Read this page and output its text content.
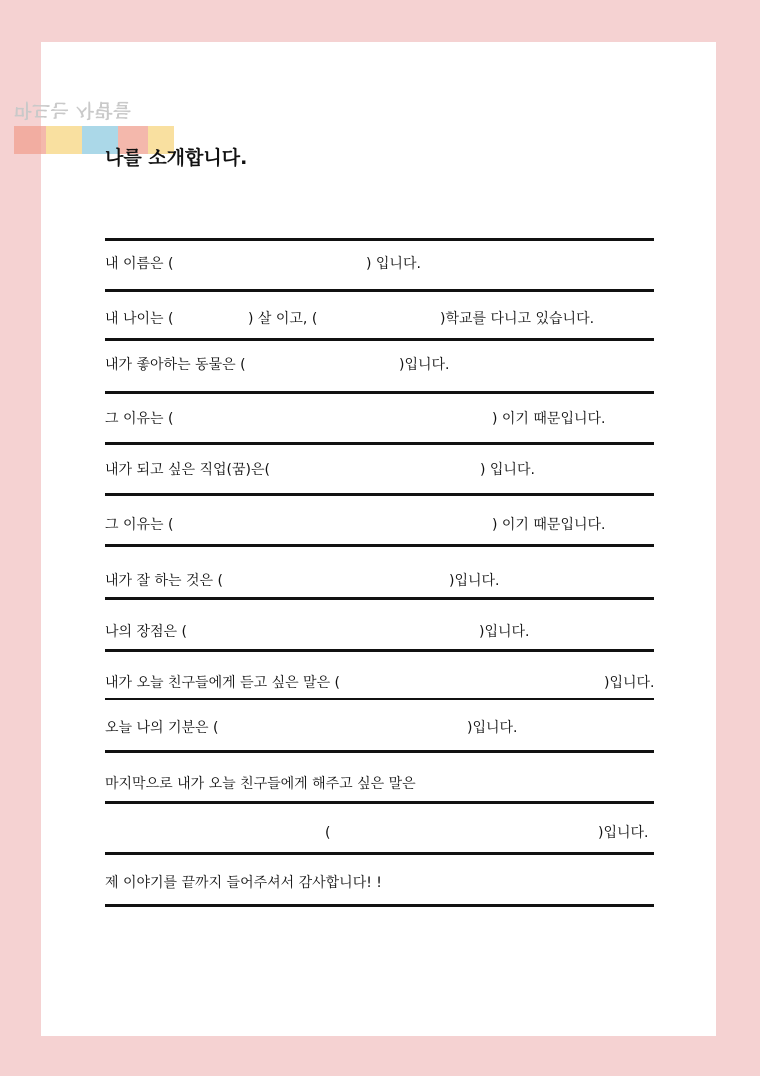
마드는 사람들
나를 소개합니다.
내 이름은 (	) 입니다.
내 나이는 (	) 살 이고, (	)학교를 다니고 있습니다.
내가 좋아하는 동물은 (	)입니다.
그 이유는 (	) 이기 때문입니다.
내가 되고 싶은 직업(꿈)은(	) 입니다.
그 이유는 (	) 이기 때문입니다.
내가 잘 하는 것은 (	)입니다.
나의 장점은 (	)입니다.
내가 오늘 친구들에게 듣고 싶은 말은 (	)입니다.
오늘 나의 기분은 (	)입니다.
마지막으로 내가 오늘 친구들에게 해주고 싶은 말은
(	)입니다.
제 이야기를 끝까지 들어주셔서 감사합니다! !
